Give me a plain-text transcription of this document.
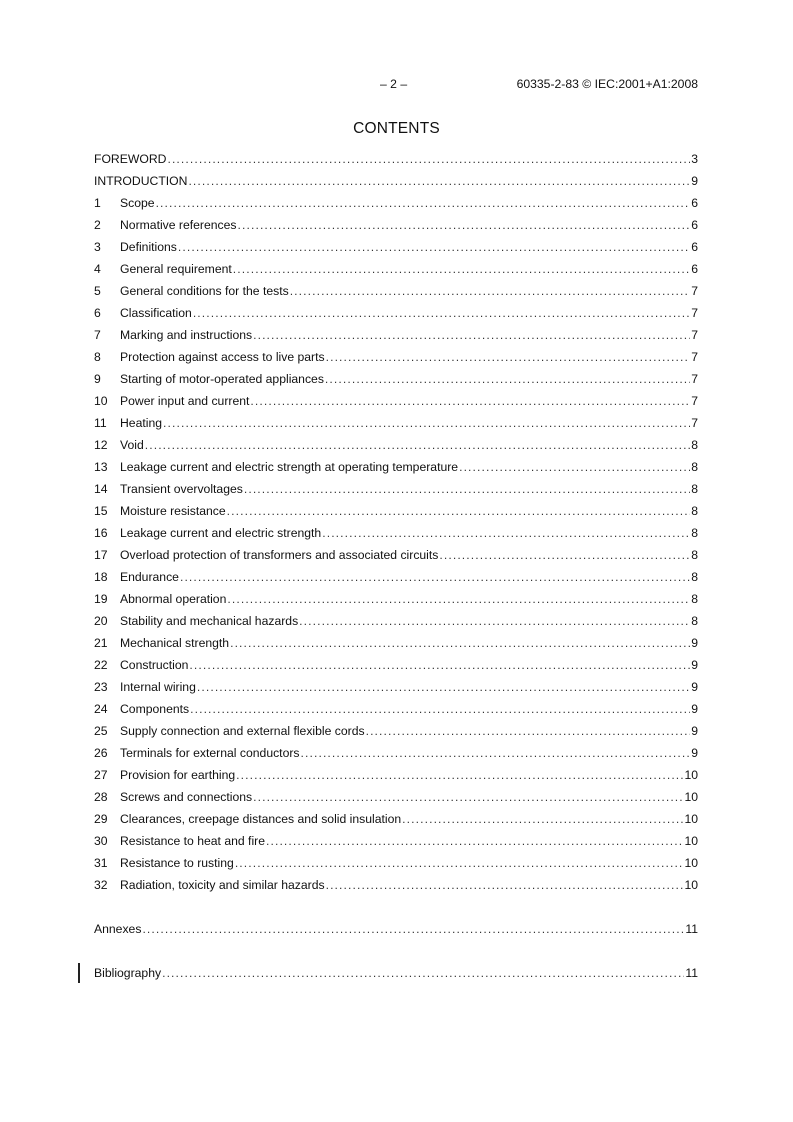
– 2 –	60335-2-83 © IEC:2001+A1:2008
CONTENTS
FOREWORD .....	3
INTRODUCTION .....	9
1	Scope .....	6
2	Normative references .....	6
3	Definitions .....	6
4	General requirement .....	6
5	General conditions for the tests .....	7
6	Classification .....	7
7	Marking and instructions .....	7
8	Protection against access to live parts .....	7
9	Starting of motor-operated appliances .....	7
10	Power input and current .....	7
11	Heating .....	7
12	Void .....	8
13	Leakage current and electric strength at operating temperature .....	8
14	Transient overvoltages .....	8
15	Moisture resistance .....	8
16	Leakage current and electric strength .....	8
17	Overload protection of transformers and associated circuits .....	8
18	Endurance .....	8
19	Abnormal operation .....	8
20	Stability and mechanical hazards .....	8
21	Mechanical strength .....	9
22	Construction .....	9
23	Internal wiring .....	9
24	Components .....	9
25	Supply connection and external flexible cords .....	9
26	Terminals for external conductors .....	9
27	Provision for earthing .....	10
28	Screws and connections .....	10
29	Clearances, creepage distances and solid insulation .....	10
30	Resistance to heat and fire .....	10
31	Resistance to rusting .....	10
32	Radiation, toxicity and similar hazards .....	10
Annexes .....	11
Bibliography .....	11
